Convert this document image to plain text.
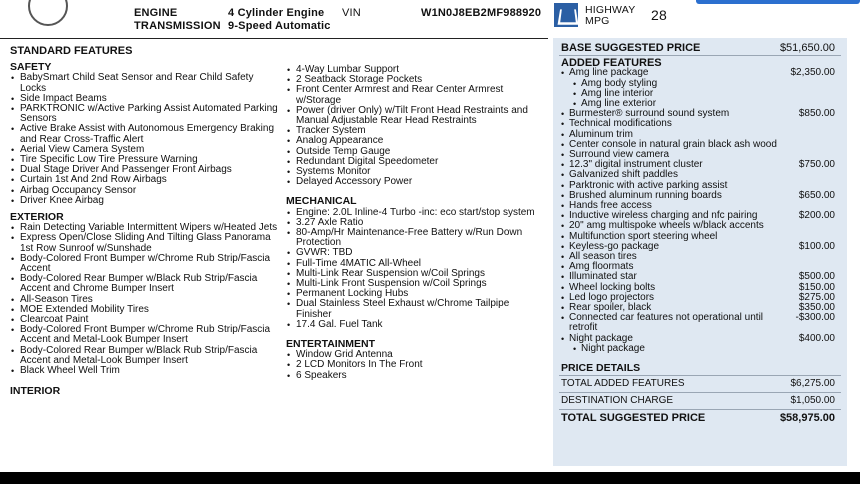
ENGINE	4 Cylinder Engine
TRANSMISSION 9-Speed Automatic
VIN	W1N0J8EB2MF988920	HIGHWAY
MPG	28
STANDARD FEATURES
SAFETY
• BabySmart Child Seat Sensor and Rear Child Safety Locks
• Side Impact Beams
• PARKTRONIC w/Active Parking Assist Automated Parking Sensors
• Active Brake Assist with Autonomous Emergency Braking and Rear Cross-Traffic Alert
• Aerial View Camera System
• Tire Specific Low Tire Pressure Warning
• Dual Stage Driver And Passenger Front Airbags
• Curtain 1st And 2nd Row Airbags
• Airbag Occupancy Sensor
• Driver Knee Airbag
EXTERIOR
• Rain Detecting Variable Intermittent Wipers w/Heated Jets
• Express Open/Close Sliding And Tilting Glass Panorama 1st Row Sunroof w/Sunshade
• Body-Colored Front Bumper w/Chrome Rub Strip/Fascia Accent
• Body-Colored Rear Bumper w/Black Rub Strip/Fascia Accent and Chrome Bumper Insert
• All-Season Tires
• MOE Extended Mobility Tires
• Clearcoat Paint
• Body-Colored Front Bumper w/Chrome Rub Strip/Fascia Accent and Metal-Look Bumper Insert
• Body-Colored Rear Bumper w/Black Rub Strip/Fascia Accent and Metal-Look Bumper Insert
• Black Wheel Well Trim
INTERIOR
• 4-Way Lumbar Support
• 2 Seatback Storage Pockets
• Front Center Armrest and Rear Center Armrest w/Storage
• Power (driver Only) w/Tilt Front Head Restraints and Manual Adjustable Rear Head Restraints
• Tracker System
• Analog Appearance
• Outside Temp Gauge
• Redundant Digital Speedometer
• Systems Monitor
• Delayed Accessory Power
MECHANICAL
• Engine: 2.0L Inline-4 Turbo -inc: eco start/stop system
• 3.27 Axle Ratio
• 80-Amp/Hr Maintenance-Free Battery w/Run Down Protection
• GVWR: TBD
• Full-Time 4MATIC All-Wheel
• Multi-Link Rear Suspension w/Coil Springs
• Multi-Link Front Suspension w/Coil Springs
• Permanent Locking Hubs
• Dual Stainless Steel Exhaust w/Chrome Tailpipe Finisher
• 17.4 Gal. Fuel Tank
ENTERTAINMENT
• Window Grid Antenna
• 2 LCD Monitors In The Front
• 6 Speakers
BASE SUGGESTED PRICE	$51,650.00
ADDED FEATURES
• Amg line package	$2,350.00
• Amg body styling
• Amg line interior
• Amg line exterior
• Burmester® surround sound system	$850.00
• Technical modifications
• Aluminum trim
• Center console in natural grain black ash wood
• Surround view camera
• 12.3" digital instrument cluster	$750.00
• Galvanized shift paddles
• Parktronic with active parking assist
• Brushed aluminum running boards	$650.00
• Hands free access
• Inductive wireless charging and nfc pairing	$200.00
• 20" amg multispoke wheels w/black accents
• Multifunction sport steering wheel
• Keyless-go package	$100.00
• All season tires
• Amg floormats
• Illuminated star	$500.00
• Wheel locking bolts	$150.00
• Led logo projectors	$275.00
• Rear spoiler, black	$350.00
• Connected car features not operational until retrofit
-$300.00
• Night package	$400.00
• Night package
PRICE DETAILS
TOTAL ADDED FEATURES	$6,275.00
DESTINATION CHARGE	$1,050.00
TOTAL SUGGESTED PRICE	$58,975.00
